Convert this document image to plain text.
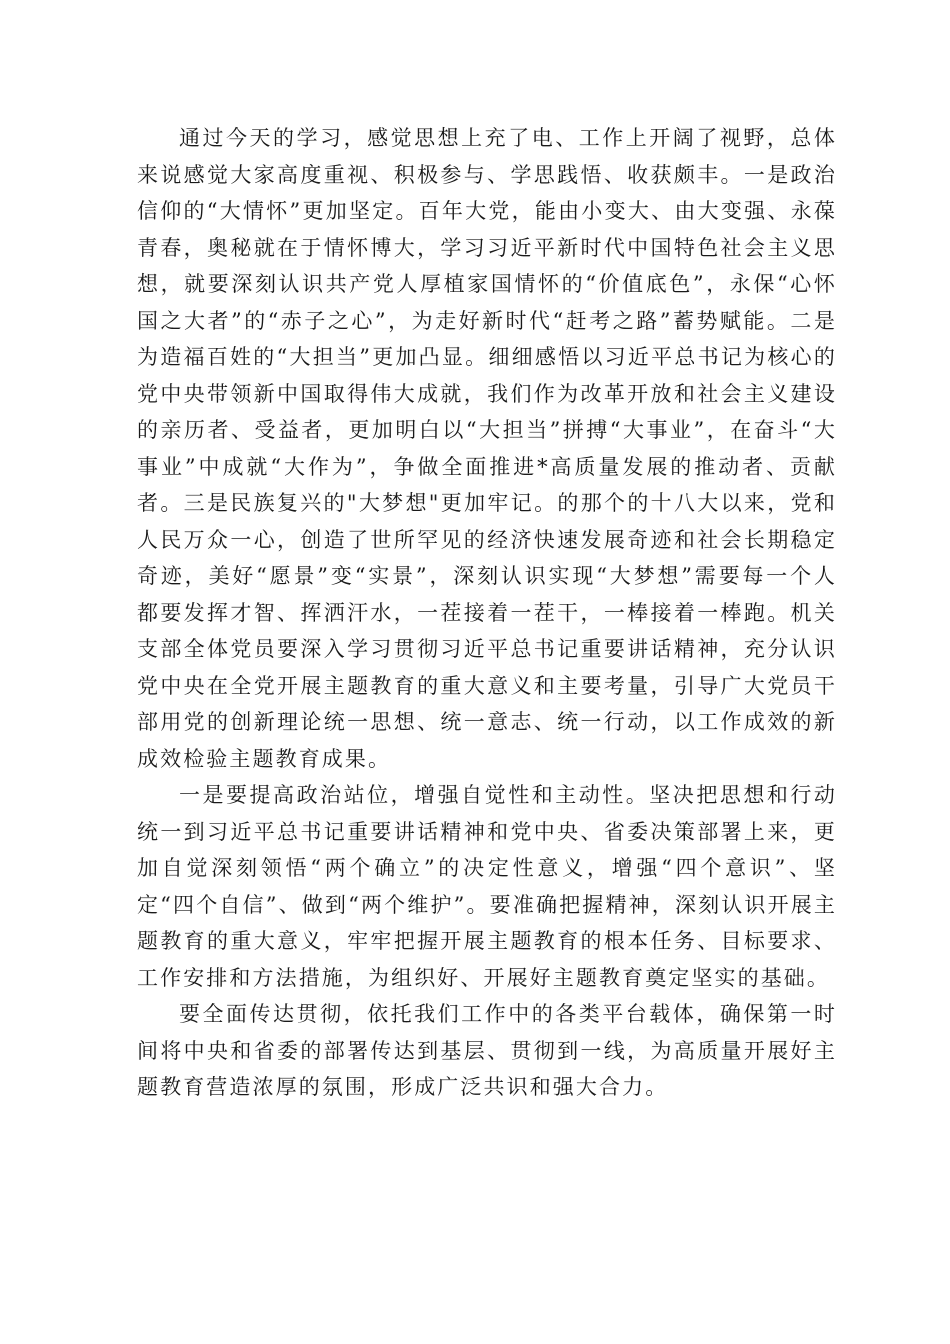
通过今天的学习，感觉思想上充了电、工作上开阔了视野，总体来说感觉大家高度重视、积极参与、学思践悟、收获颇丰。一是政治信仰的“大情怀”更加坚定。百年大党，能由小变大、由大变强、永葆青春，奥秘就在于情怀博大，学习习近平新时代中国特色社会主义思想，就要深刻认识共产党人厚植家国情怀的“价值底色”，永保“心怀国之大者”的“赤子之心”，为走好新时代“赶考之路”蓄势赋能。二是为造福百姓的“大担当”更加凸显。细细感悟以习近平总书记为核心的党中央带领新中国取得伟大成就，我们作为改革开放和社会主义建设的亲历者、受益者，更加明白以“大担当”拼搏“大事业”，在奋斗“大事业”中成就“大作为”，争做全面推进*高质量发展的推动者、贡献者。三是民族复兴的"大梦想"更加牢记。的那个的十八大以来，党和人民万众一心，创造了世所罕见的经济快速发展奇迹和社会长期稳定奇迹，美好“愿景”变“实景”，深刻认识实现“大梦想”需要每一个人都要发挥才智、挥洒汗水，一茬接着一茬干，一棒接着一棒跑。机关支部全体党员要深入学习贯彻习近平总书记重要讲话精神，充分认识党中央在全党开展主题教育的重大意义和主要考量，引导广大党员干部用党的创新理论统一思想、统一意志、统一行动，以工作成效的新成效检验主题教育成果。

一是要提高政治站位，增强自觉性和主动性。坚决把思想和行动统一到习近平总书记重要讲话精神和党中央、省委决策部署上来，更加自觉深刻领悟“两个确立”的决定性意义，增强“四个意识”、坚定“四个自信”、做到“两个维护”。要准确把握精神，深刻认识开展主题教育的重大意义，牢牢把握开展主题教育的根本任务、目标要求、工作安排和方法措施，为组织好、开展好主题教育奠定坚实的基础。

要全面传达贯彻，依托我们工作中的各类平台载体，确保第一时间将中央和省委的部署传达到基层、贯彻到一线，为高质量开展好主题教育营造浓厚的氛围，形成广泛共识和强大合力。
